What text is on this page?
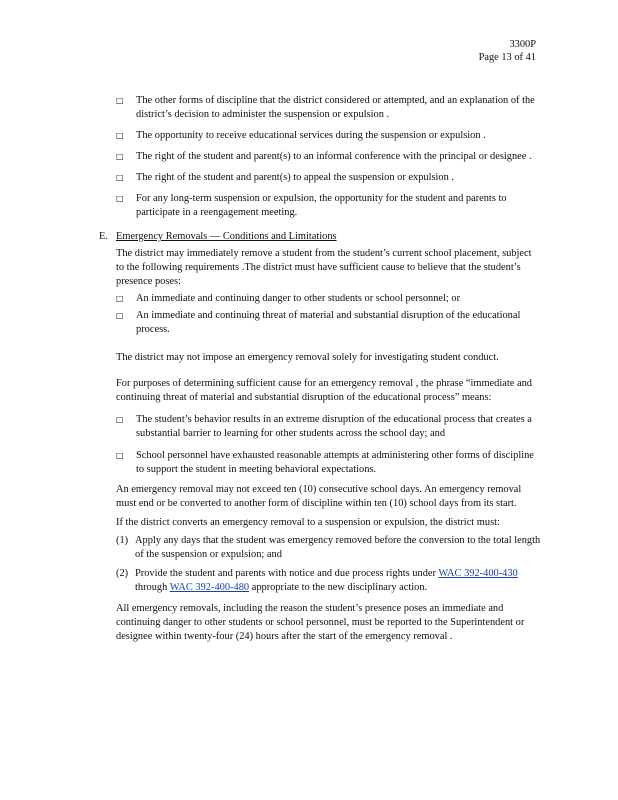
3300P
Page 13 of 41
□ The other forms of discipline that the district considered or attempted, and an explanation of the district’s decision to administer the suspension or expulsion .
□ The opportunity to receive educational services during the suspension or expulsion .
□ The right of the student and parent(s) to an informal conference with the principal or designee .
□ The right of the student and parent(s) to appeal the suspension or expulsion .
□ For any long-term suspension or expulsion, the opportunity for the student and parents to participate in a reengagement meeting.
E. Emergency Removals — Conditions and Limitations

The district may immediately remove a student from the student’s current school placement, subject to the following requirements .The district must have sufficient cause to believe that the student’s presence poses:

□ An immediate and continuing danger to other students or school personnel; or
□ An immediate and continuing threat of material and substantial disruption of the educational process.

The district may not impose an emergency removal solely for investigating student conduct.

For purposes of determining sufficient cause for an emergency removal , the phrase “immediate and continuing threat of material and substantial disruption of the educational process” means:

□ The student’s behavior results in an extreme disruption of the educational process that creates a substantial barrier to learning for other students across the school day; and
□ School personnel have exhausted reasonable attempts at administering other forms of discipline to support the student in meeting behavioral expectations.

An emergency removal may not exceed ten (10) consecutive school days. An emergency removal must end or be converted to another form of discipline within ten (10) school days from its start.

If the district converts an emergency removal to a suspension or expulsion, the district must:

(1) Apply any days that the student was emergency removed before the conversion to the total length of the suspension or expulsion; and
(2) Provide the student and parents with notice and due process rights under WAC 392-400-430 through WAC 392-400-480 appropriate to the new disciplinary action.

All emergency removals, including the reason the student’s presence poses an immediate and continuing danger to other students or school personnel, must be reported to the Superintendent or designee within twenty-four (24) hours after the start of the emergency removal .
